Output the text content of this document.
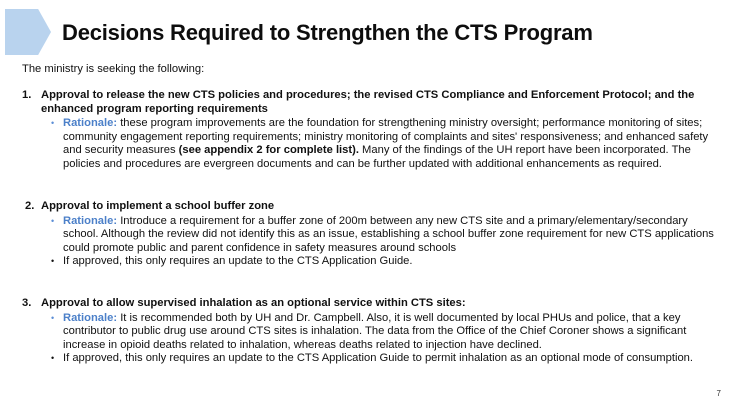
Decisions Required to Strengthen the CTS Program
The ministry is seeking the following:
1. Approval to release the new CTS policies and procedures; the revised CTS Compliance and Enforcement Protocol; and the enhanced program reporting requirements
• Rationale: these program improvements are the foundation for strengthening ministry oversight; performance monitoring of sites; community engagement reporting requirements; ministry monitoring of complaints and sites' responsiveness; and enhanced safety and security measures (see appendix 2 for complete list). Many of the findings of the UH report have been incorporated. The policies and procedures are evergreen documents and can be further updated with additional enhancements as required.
2. Approval to implement a school buffer zone
• Rationale: Introduce a requirement for a buffer zone of 200m between any new CTS site and a primary/elementary/secondary school. Although the review did not identify this as an issue, establishing a school buffer zone requirement for new CTS applications could promote public and parent confidence in safety measures around schools
• If approved, this only requires an update to the CTS Application Guide.
3. Approval to allow supervised inhalation as an optional service within CTS sites:
• Rationale: It is recommended both by UH and Dr. Campbell. Also, it is well documented by local PHUs and police, that a key contributor to public drug use around CTS sites is inhalation. The data from the Office of the Chief Coroner shows a significant increase in opioid deaths related to inhalation, whereas deaths related to injection have declined.
• If approved, this only requires an update to the CTS Application Guide to permit inhalation as an optional mode of consumption.
7
